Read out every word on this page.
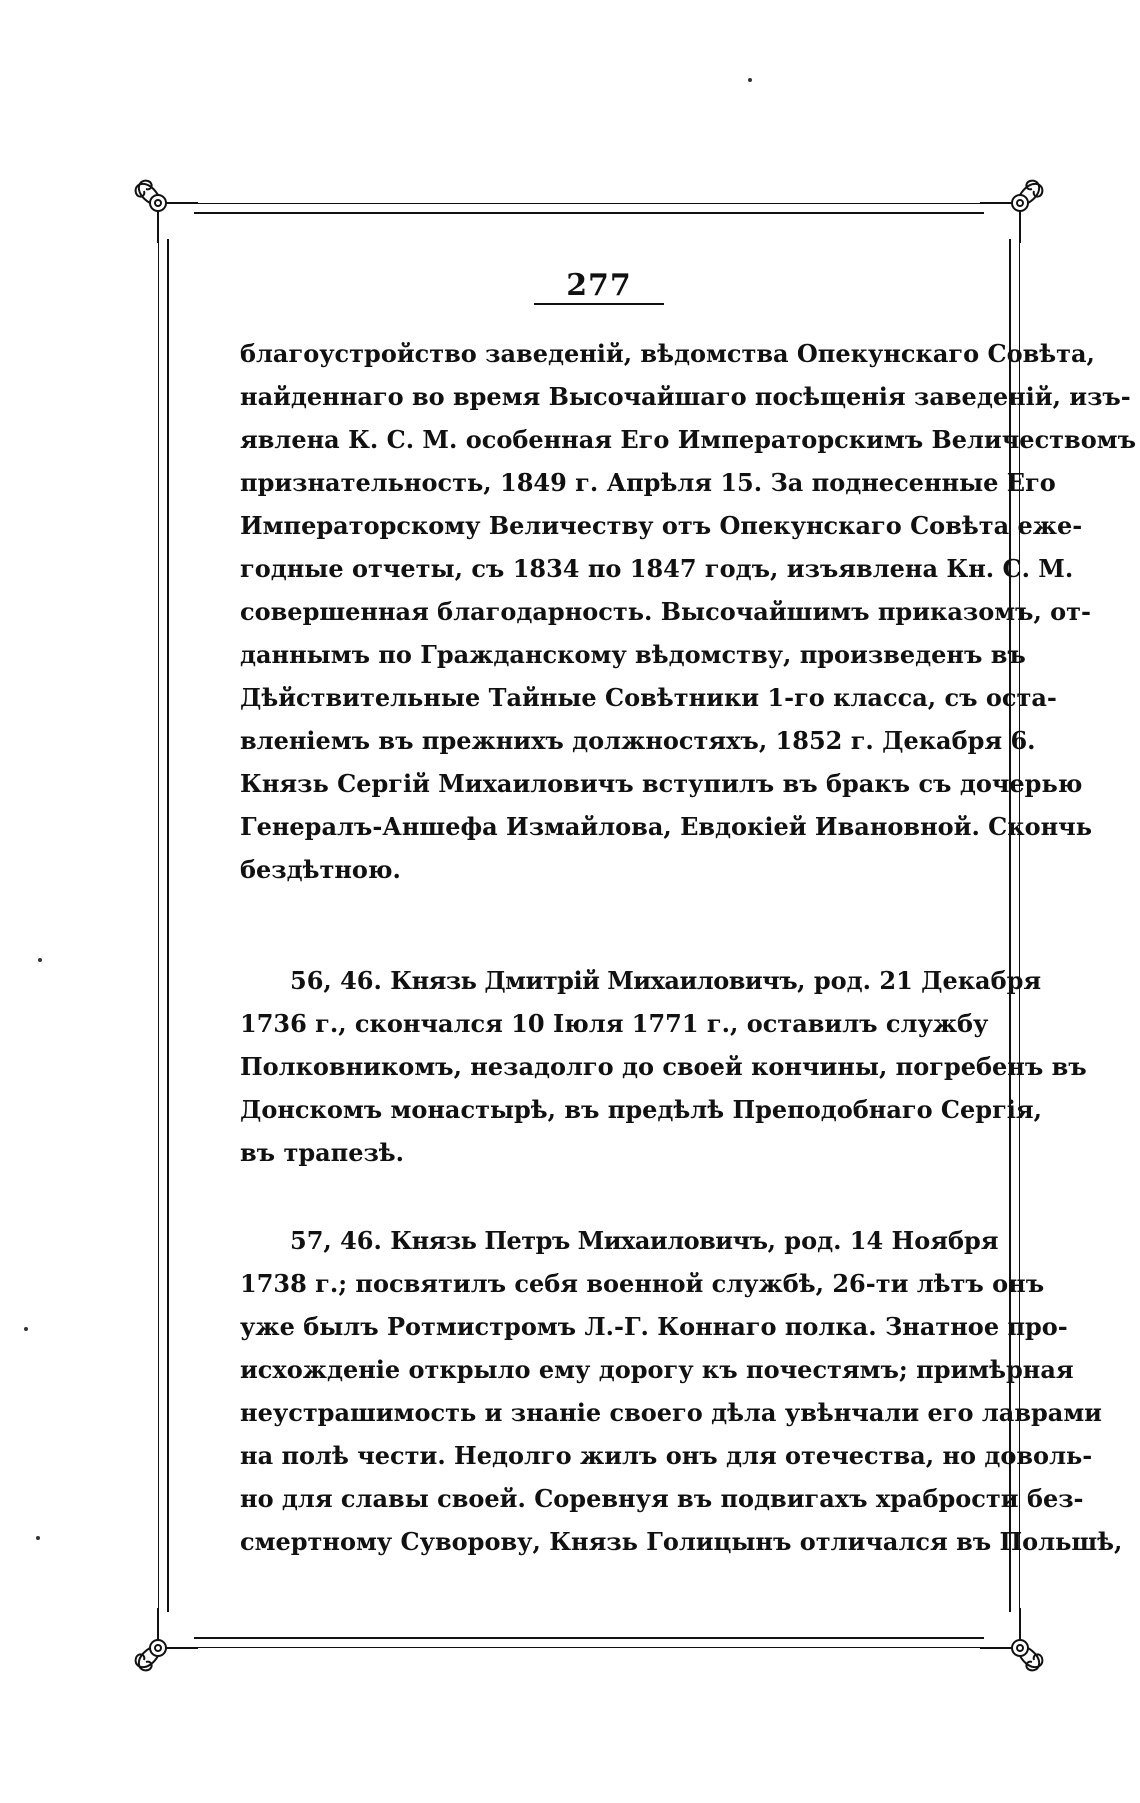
277
благоустройство заведеній, вѣдомства Опекунскаго Совѣта,
найденнаго во время Высочайшаго посѣщенія заведеній, изъ-
явлена К. С. М. особенная Его Императорскимъ Величествомъ
признательность, 1849 г. Апрѣля 15. За поднесенные Его
Императорскому Величеству отъ Опекунскаго Совѣта еже-
годные отчеты, съ 1834 по 1847 годъ, изъявлена Кн. С. М.
совершенная благодарность. Высочайшимъ приказомъ, от-
даннымъ по Гражданскому вѣдомству, произведенъ въ
Дѣйствительные Тайные Совѣтники 1-го класса, съ оста-
вленіемъ въ прежнихъ должностяхъ, 1852 г. Декабря 6.
Князь Сергій Михаиловичъ вступилъ въ бракъ съ дочерью
Генералъ-Аншефа Измайлова, Евдокіей Ивановной. Скончь
бездѣтною.
56, 46. Князь Дмитрій Михаиловичъ, род. 21 Декабря
1736 г., скончался 10 Іюля 1771 г., оставилъ службу
Полковникомъ, незадолго до своей кончины, погребенъ въ
Донскомъ монастырѣ, въ предѣлѣ Преподобнаго Сергія,
въ трапезѣ.
57, 46. Князь Петръ Михаиловичъ, род. 14 Ноября
1738 г.; посвятилъ себя военной службѣ, 26-ти лѣтъ онъ
уже былъ Ротмистромъ Л.-Г. Коннаго полка. Знатное про-
исхожденіе открыло ему дорогу къ почестямъ; примѣрная
неустрашимость и знаніе своего дѣла увѣнчали его лаврами
на полѣ чести. Недолго жилъ онъ для отечества, но доволь-
но для славы своей. Соревнуя въ подвигахъ храбрости без-
смертному Суворову, Князь Голицынъ отличался въ Польшѣ,
